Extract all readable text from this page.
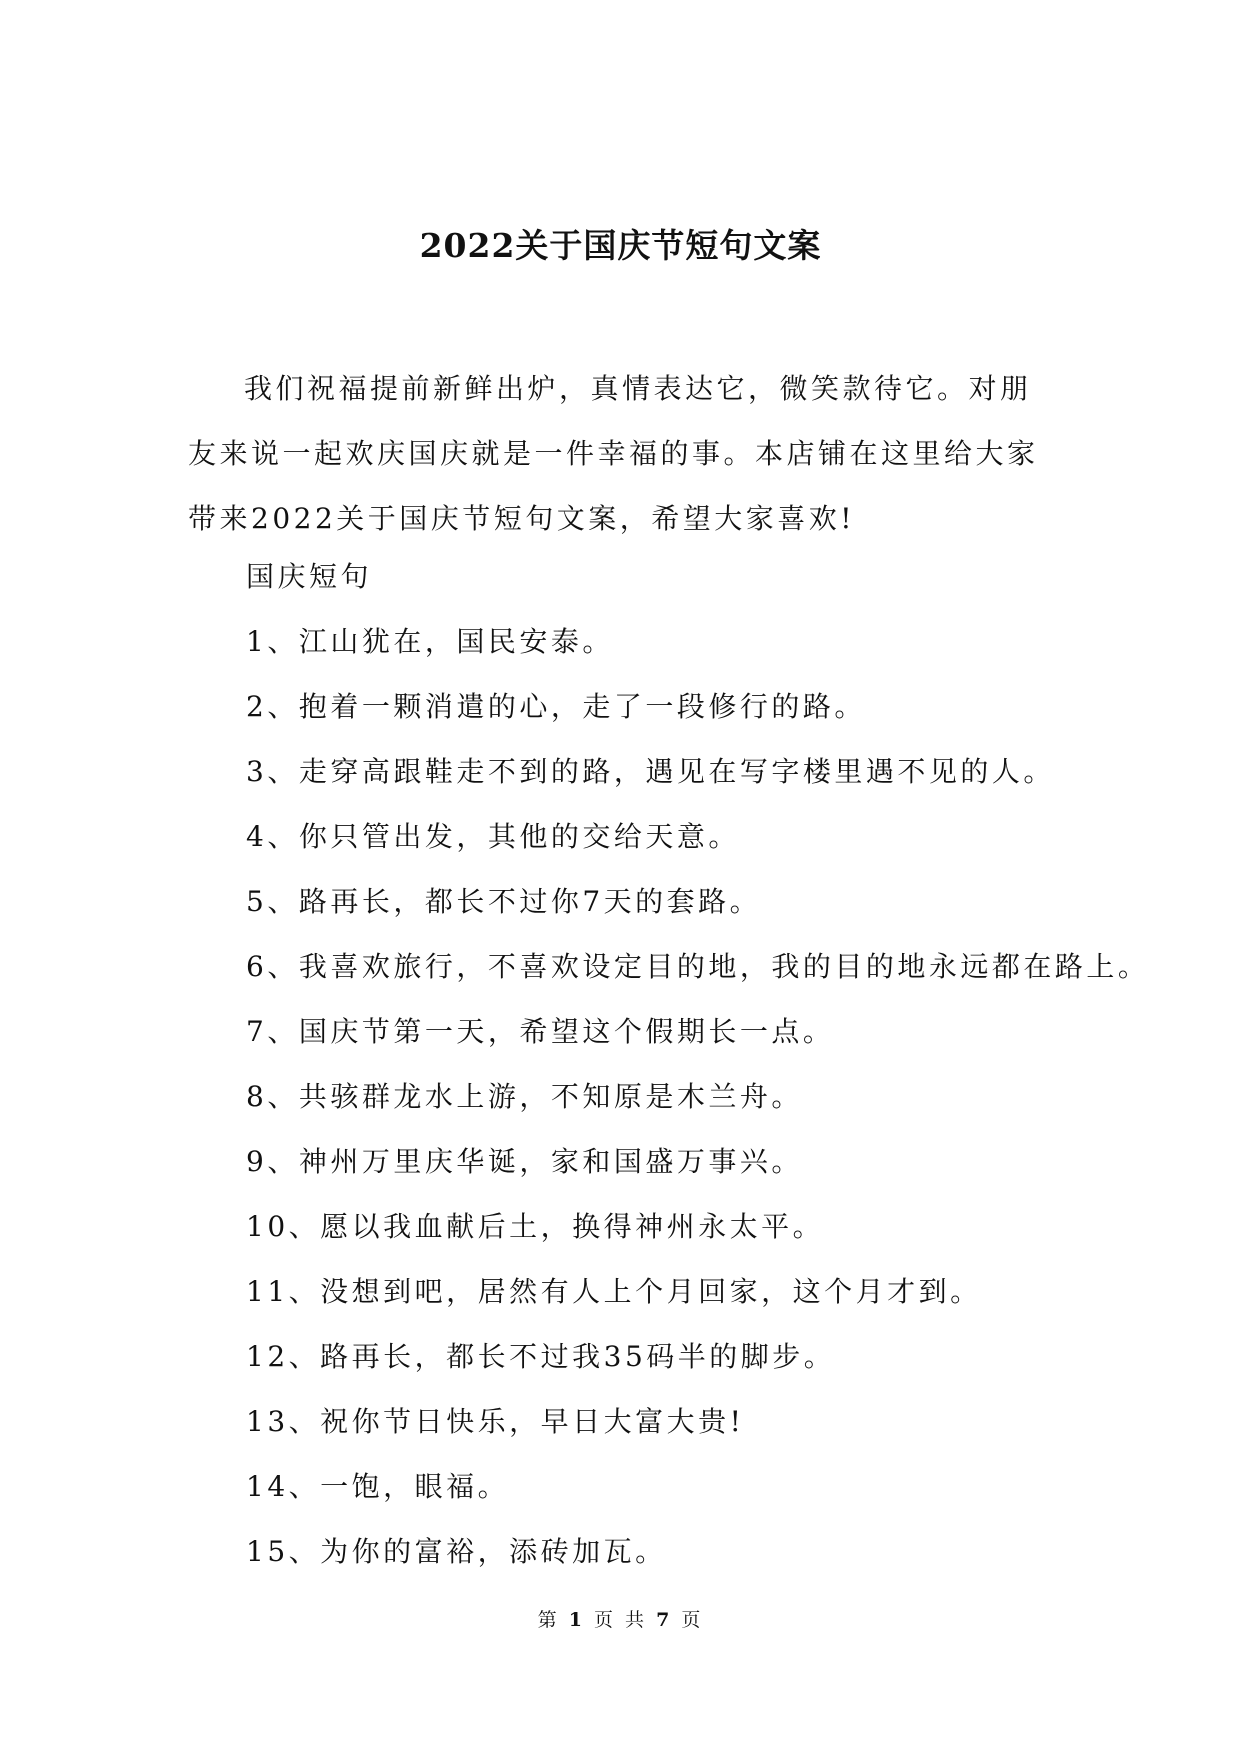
2022关于国庆节短句文案

我们祝福提前新鲜出炉，真情表达它，微笑款待它。对朋友来说一起欢庆国庆就是一件幸福的事。本店铺在这里给大家带来2022关于国庆节短句文案，希望大家喜欢!

国庆短句
1、江山犹在，国民安泰。
2、抱着一颗消遣的心，走了一段修行的路。
3、走穿高跟鞋走不到的路，遇见在写字楼里遇不见的人。
4、你只管出发，其他的交给天意。
5、路再长，都长不过你7天的套路。
6、我喜欢旅行，不喜欢设定目的地，我的目的地永远都在路上。
7、国庆节第一天，希望这个假期长一点。
8、共骇群龙水上游，不知原是木兰舟。
9、神州万里庆华诞，家和国盛万事兴。
10、愿以我血献后土，换得神州永太平。
11、没想到吧，居然有人上个月回家，这个月才到。
12、路再长，都长不过我35码半的脚步。
13、祝你节日快乐，早日大富大贵!
14、一饱，眼福。
15、为你的富裕，添砖加瓦。
第 1 页 共 7 页
